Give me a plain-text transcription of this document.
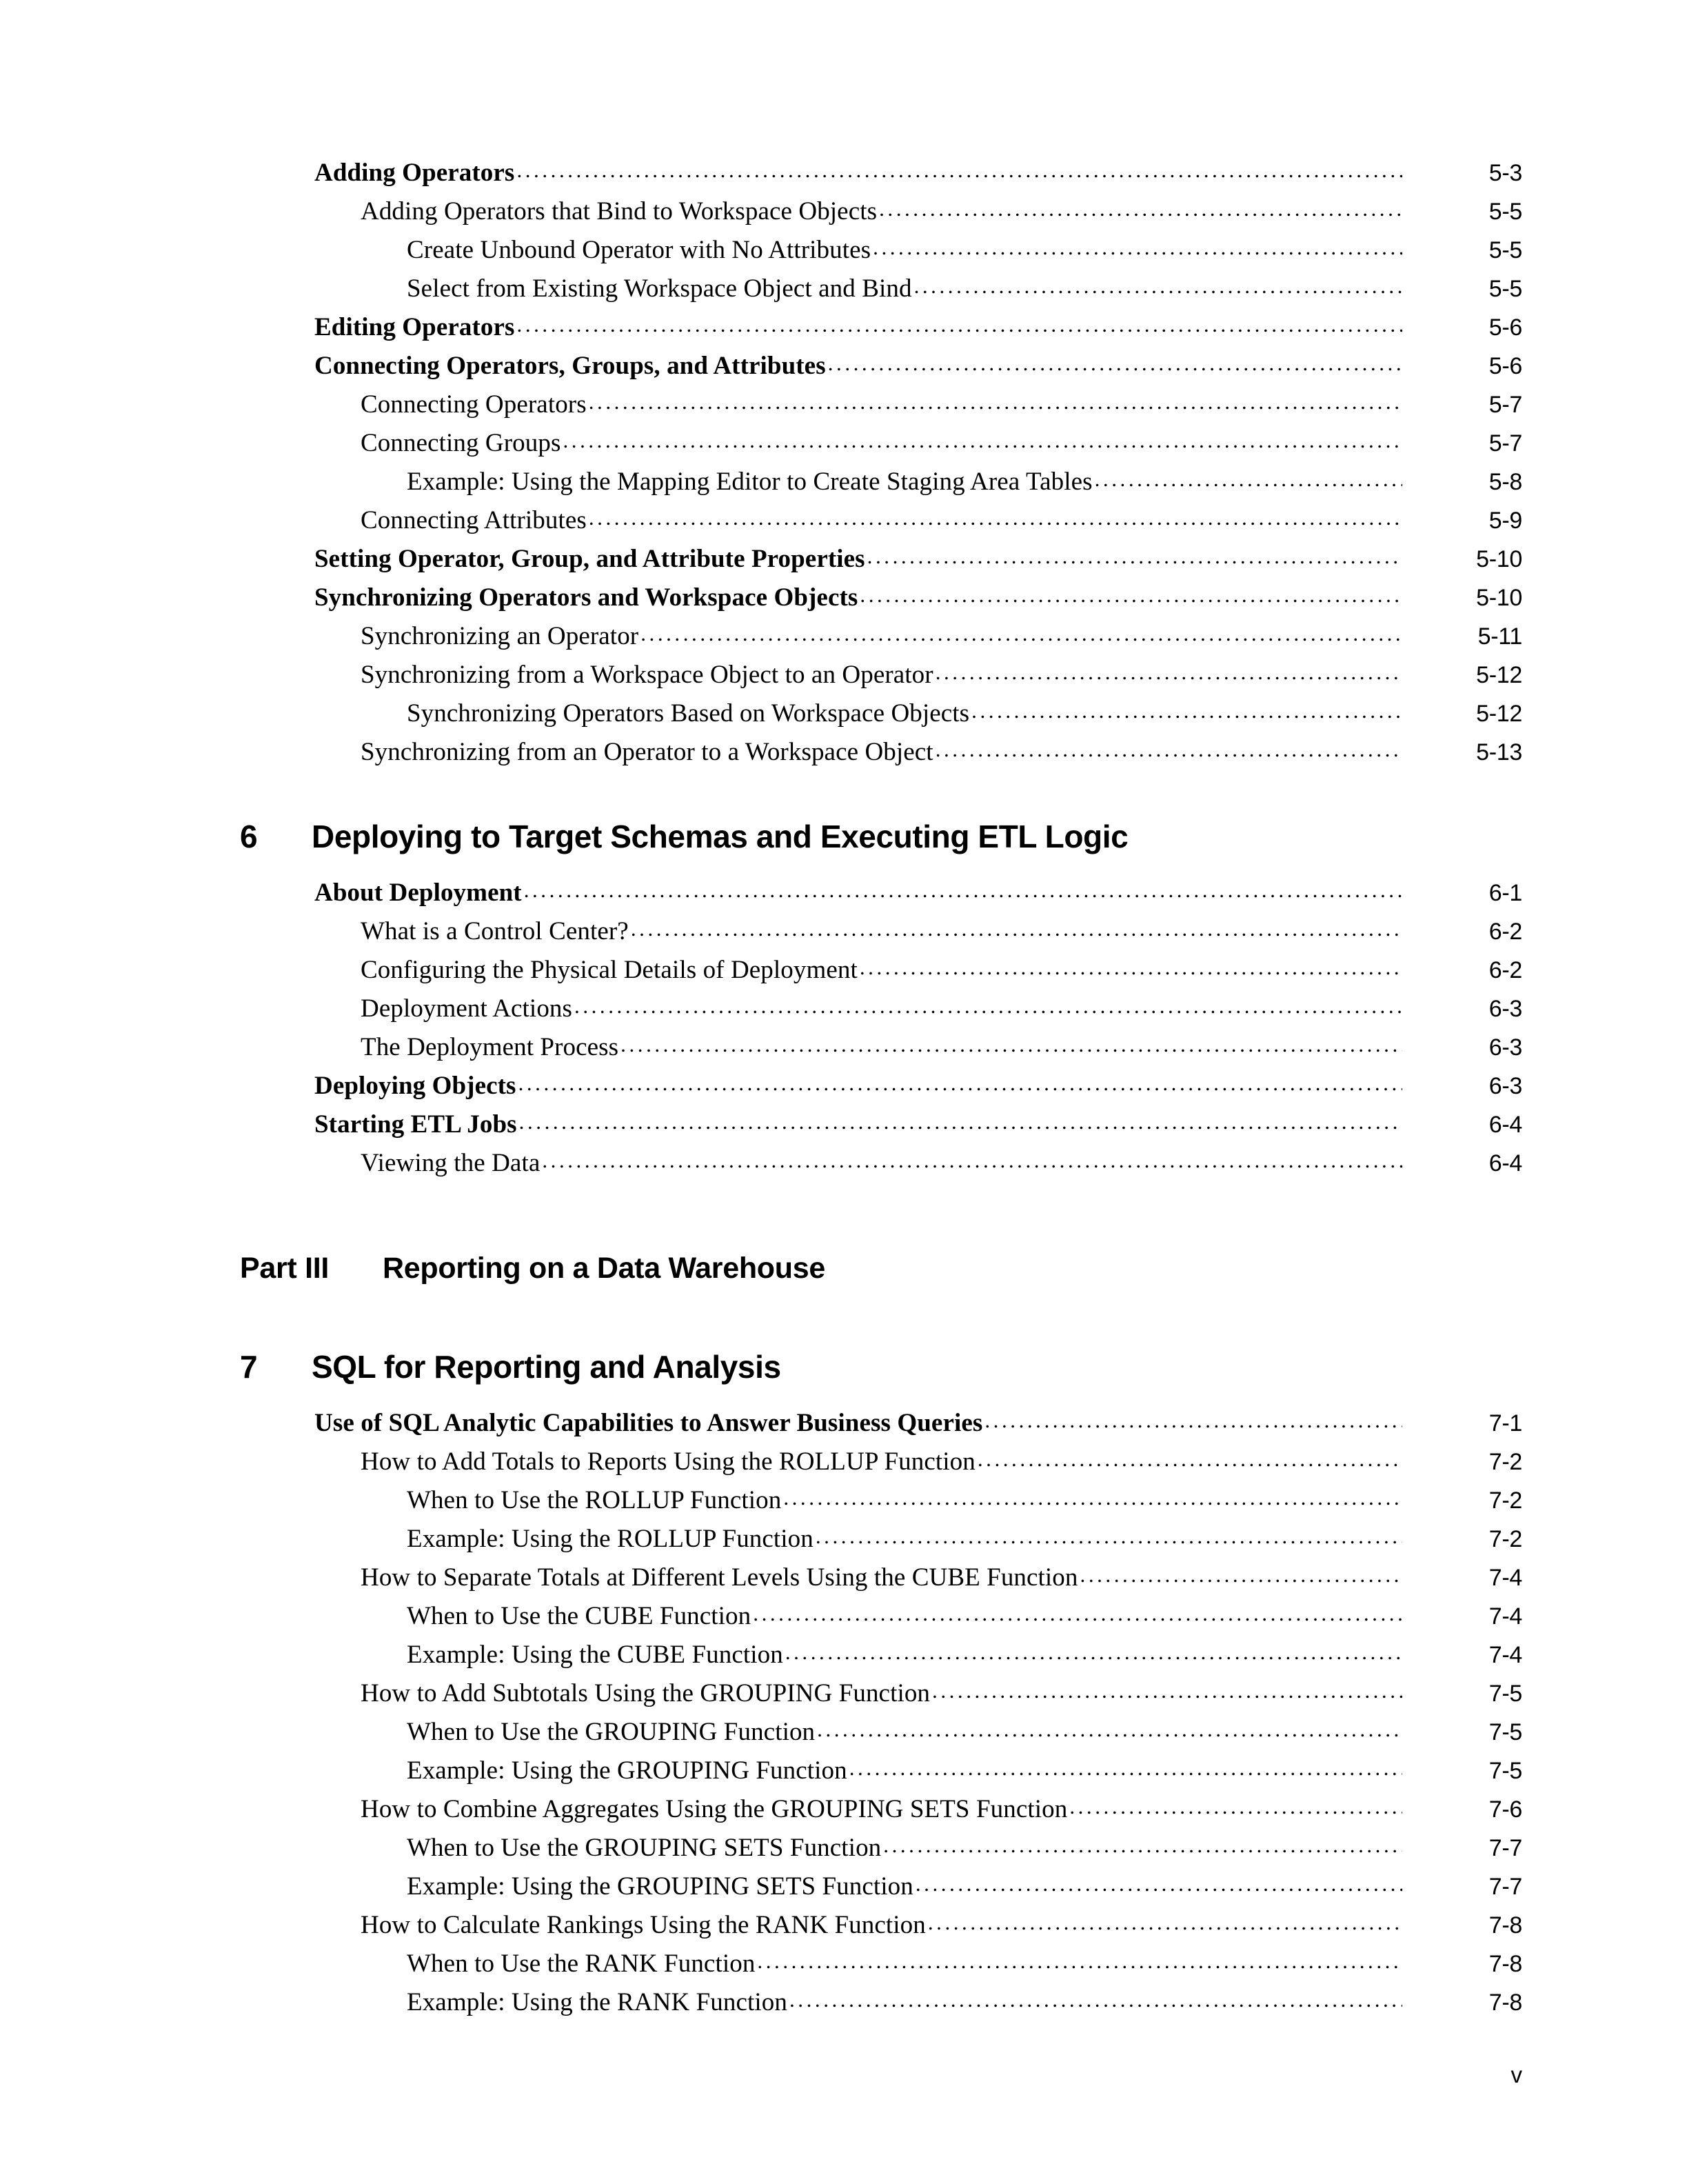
Adding Operators . . .	5-3
Adding Operators that Bind to Workspace Objects . . .	5-5
Create Unbound Operator with No Attributes . . .	5-5
Select from Existing Workspace Object and Bind . . .	5-5
Editing Operators . . .	5-6
Connecting Operators, Groups, and Attributes . . .	5-6
Connecting Operators . . .	5-7
Connecting Groups . . .	5-7
Example: Using the Mapping Editor to Create Staging Area Tables . . .	5-8
Connecting Attributes . . .	5-9
Setting Operator, Group, and Attribute Properties . . .	5-10
Synchronizing Operators and Workspace Objects . . .	5-10
Synchronizing an Operator . . .	5-11
Synchronizing from a Workspace Object to an Operator . . .	5-12
Synchronizing Operators Based on Workspace Objects . . .	5-12
Synchronizing from an Operator to a Workspace Object . . .	5-13
6	Deploying to Target Schemas and Executing ETL Logic
About Deployment . . .	6-1
What is a Control Center? . . .	6-2
Configuring the Physical Details of Deployment . . .	6-2
Deployment Actions . . .	6-3
The Deployment Process . . .	6-3
Deploying Objects . . .	6-3
Starting ETL Jobs . . .	6-4
Viewing the Data . . .	6-4
Part III	Reporting on a Data Warehouse
7	SQL for Reporting and Analysis
Use of SQL Analytic Capabilities to Answer Business Queries . . .	7-1
How to Add Totals to Reports Using the ROLLUP Function . . .	7-2
When to Use the ROLLUP Function . . .	7-2
Example: Using the ROLLUP Function . . .	7-2
How to Separate Totals at Different Levels Using the CUBE Function . . .	7-4
When to Use the CUBE Function . . .	7-4
Example: Using the CUBE Function . . .	7-4
How to Add Subtotals Using the GROUPING Function . . .	7-5
When to Use the GROUPING Function . . .	7-5
Example: Using the GROUPING Function . . .	7-5
How to Combine Aggregates Using the GROUPING SETS Function . . .	7-6
When to Use the GROUPING SETS Function . . .	7-7
Example: Using the GROUPING SETS Function . . .	7-7
How to Calculate Rankings Using the RANK Function . . .	7-8
When to Use the RANK Function . . .	7-8
Example: Using the RANK Function . . .	7-8
v
